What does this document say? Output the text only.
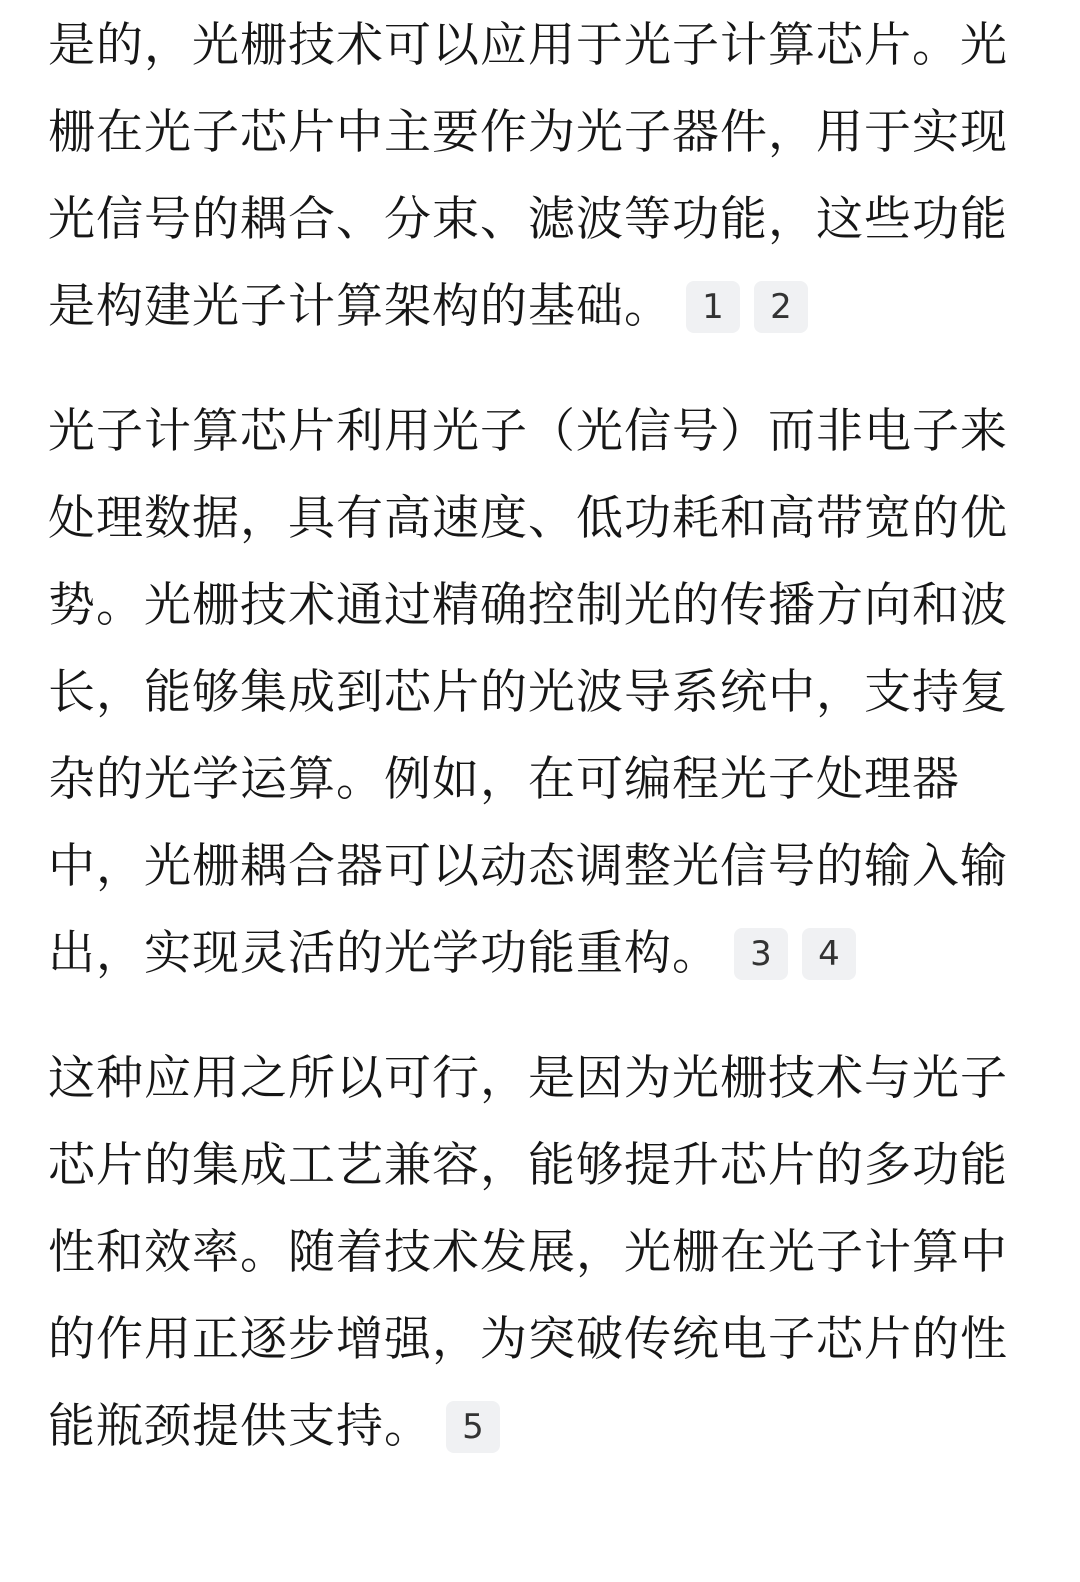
是的，光栅技术可以应用于光子计算芯片。光栅在光子芯片中主要作为光子器件，用于实现光信号的耦合、分束、滤波等功能，这些功能是构建光子计算架构的基础。 1 2

光子计算芯片利用光子（光信号）而非电子来处理数据，具有高速度、低功耗和高带宽的优势。光栅技术通过精确控制光的传播方向和波长，能够集成到芯片的光波导系统中，支持复杂的光学运算。例如，在可编程光子处理器中，光栅耦合器可以动态调整光信号的输入输出，实现灵活的光学功能重构。 3 4

这种应用之所以可行，是因为光栅技术与光子芯片的集成工艺兼容，能够提升芯片的多功能性和效率。随着技术发展，光栅在光子计算中的作用正逐步增强，为突破传统电子芯片的性能瓶颈提供支持。 5
